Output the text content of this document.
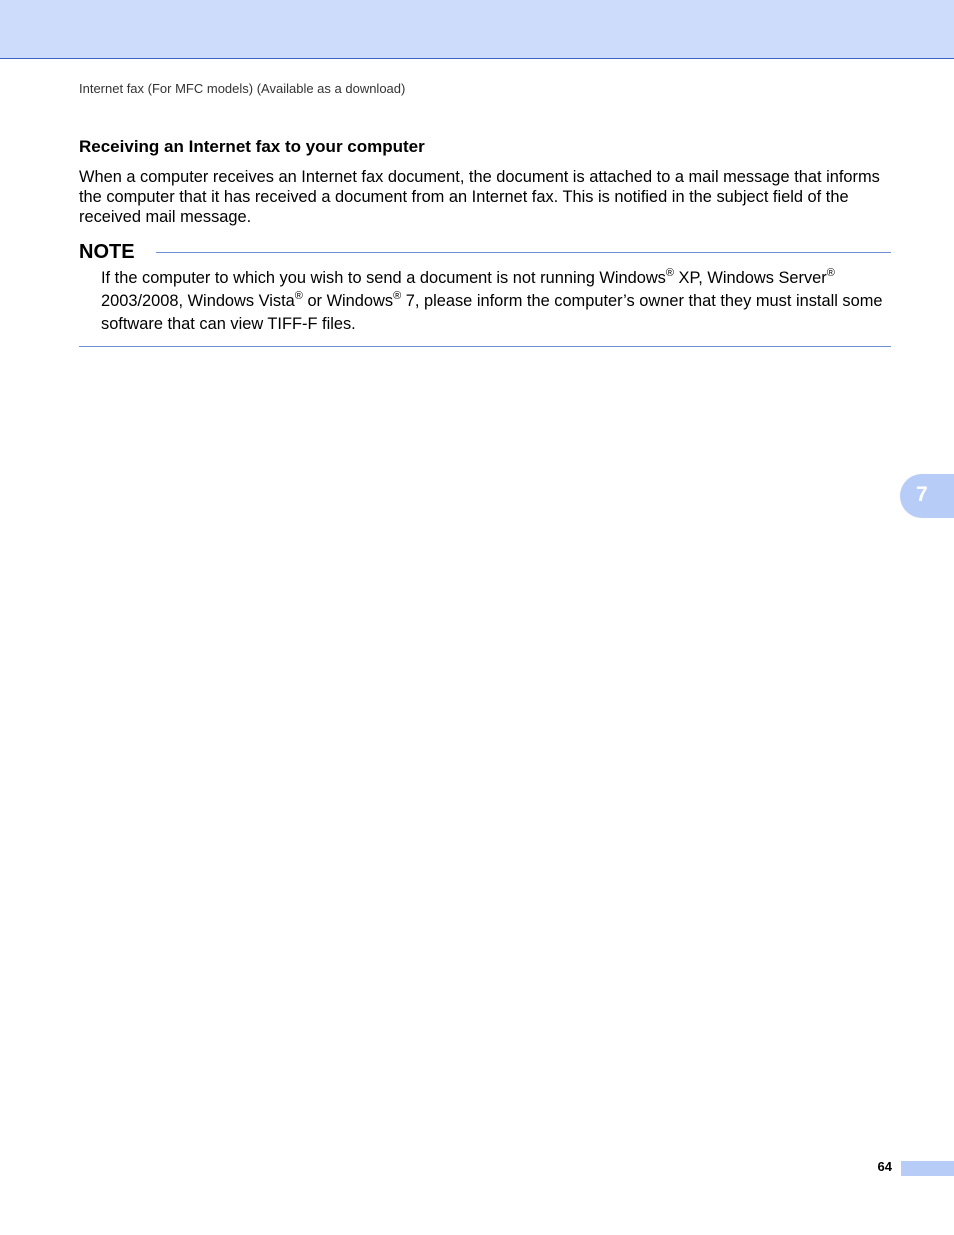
Internet fax (For MFC models) (Available as a download)
Receiving an Internet fax to your computer

When a computer receives an Internet fax document, the document is attached to a mail message that informs the computer that it has received a document from an Internet fax. This is notified in the subject field of the received mail message.

NOTE

If the computer to which you wish to send a document is not running Windows® XP, Windows Server® 2003/2008, Windows Vista® or Windows® 7, please inform the computer’s owner that they must install some software that can view TIFF-F files.

7
64
